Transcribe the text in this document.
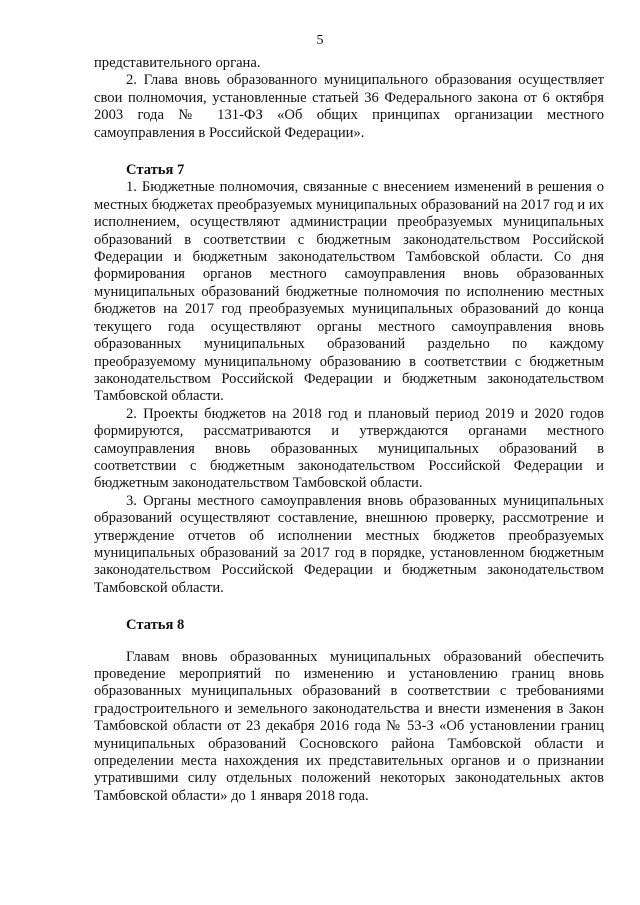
5

представительного органа.

2. Глава вновь образованного муниципального образования осуществляет свои полномочия, установленные статьей 36 Федерального закона от 6 октября 2003 года № 131-ФЗ «Об общих принципах организации местного самоуправления в Российской Федерации».

Статья 7

1. Бюджетные полномочия, связанные с внесением изменений в решения о местных бюджетах преобразуемых муниципальных образований на 2017 год и их исполнением, осуществляют администрации преобразуемых муниципальных образований в соответствии с бюджетным законодательством Российской Федерации и бюджетным законодательством Тамбовской области. Со дня формирования органов местного самоуправления вновь образованных муниципальных образований бюджетные полномочия по исполнению местных бюджетов на 2017 год преобразуемых муниципальных образований до конца текущего года осуществляют органы местного самоуправления вновь образованных муниципальных образований раздельно по каждому преобразуемому муниципальному образованию в соответствии с бюджетным законодательством Российской Федерации и бюджетным законодательством Тамбовской области.

2. Проекты бюджетов на 2018 год и плановый период 2019 и 2020 годов формируются, рассматриваются и утверждаются органами местного самоуправления вновь образованных муниципальных образований в соответствии с бюджетным законодательством Российской Федерации и бюджетным законодательством Тамбовской области.

3. Органы местного самоуправления вновь образованных муниципальных образований осуществляют составление, внешнюю проверку, рассмотрение и утверждение отчетов об исполнении местных бюджетов преобразуемых муниципальных образований за 2017 год в порядке, установленном бюджетным законодательством Российской Федерации и бюджетным законодательством Тамбовской области.

Статья 8

Главам вновь образованных муниципальных образований обеспечить проведение мероприятий по изменению и установлению границ вновь образованных муниципальных образований в соответствии с требованиями градостроительного и земельного законодательства и внести изменения в Закон Тамбовской области от 23 декабря 2016 года № 53-З «Об установлении границ муниципальных образований Сосновского района Тамбовской области и определении места нахождения их представительных органов и о признании утратившими силу отдельных положений некоторых законодательных актов Тамбовской области» до 1 января 2018 года.
